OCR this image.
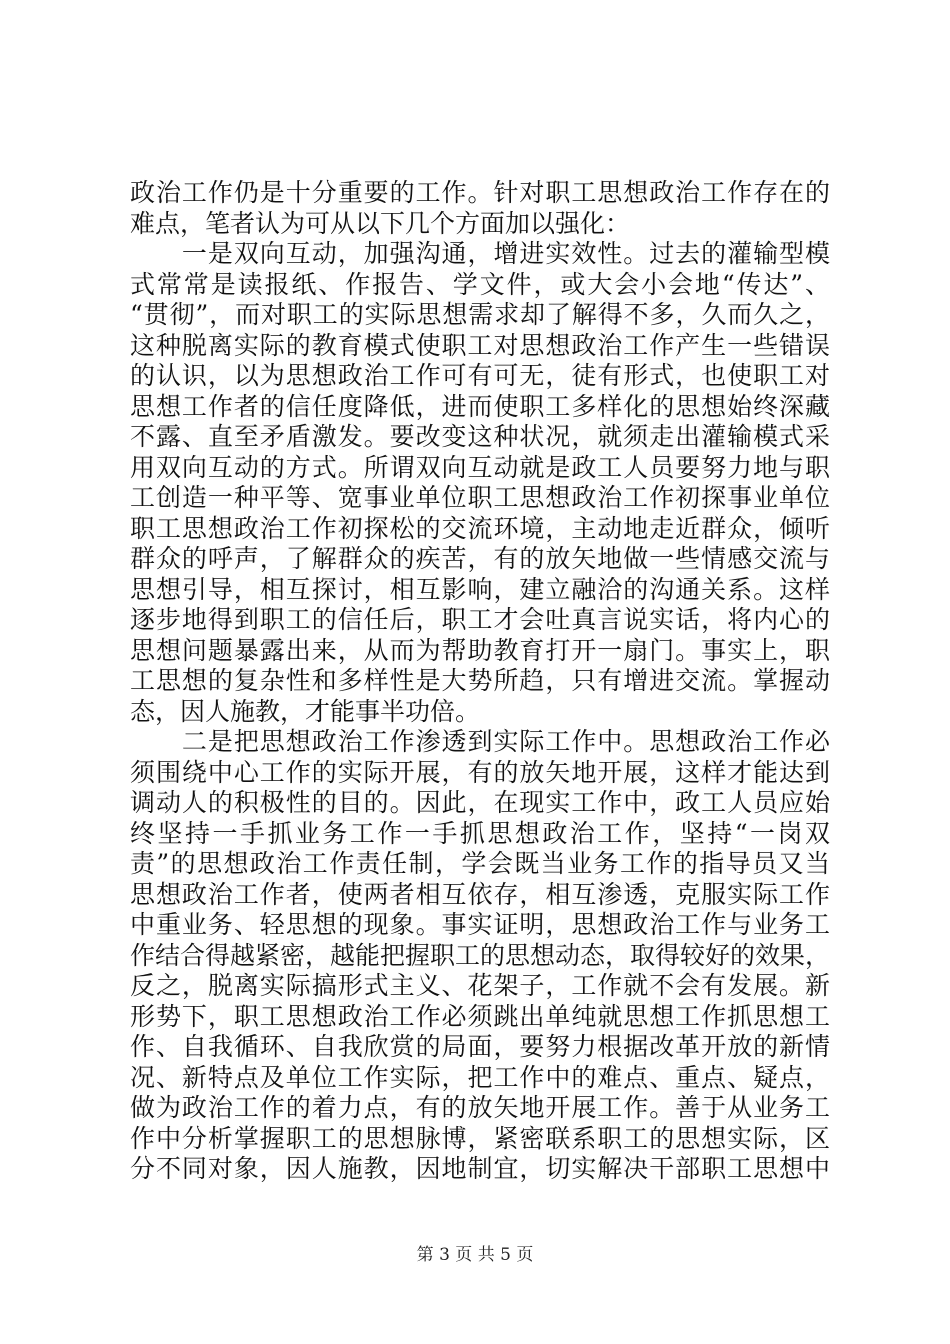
政治工作仍是十分重要的工作。针对职工思想政治工作存在的
难点，笔者认为可从以下几个方面加以强化：
　　一是双向互动，加强沟通，增进实效性。过去的灌输型模
式常常是读报纸、作报告、学文件，或大会小会地“传达”、
“贯彻”，而对职工的实际思想需求却了解得不多，久而久之，
这种脱离实际的教育模式使职工对思想政治工作产生一些错误
的认识，以为思想政治工作可有可无，徒有形式，也使职工对
思想工作者的信任度降低，进而使职工多样化的思想始终深藏
不露、直至矛盾激发。要改变这种状况，就须走出灌输模式采
用双向互动的方式。所谓双向互动就是政工人员要努力地与职
工创造一种平等、宽事业单位职工思想政治工作初探事业单位
职工思想政治工作初探松的交流环境，主动地走近群众，倾听
群众的呼声，了解群众的疾苦，有的放矢地做一些情感交流与
思想引导，相互探讨，相互影响，建立融洽的沟通关系。这样
逐步地得到职工的信任后，职工才会吐真言说实话，将内心的
思想问题暴露出来，从而为帮助教育打开一扇门。事实上，职
工思想的复杂性和多样性是大势所趋，只有增进交流。掌握动
态，因人施教，才能事半功倍。
　　二是把思想政治工作渗透到实际工作中。思想政治工作必
须围绕中心工作的实际开展，有的放矢地开展，这样才能达到
调动人的积极性的目的。因此，在现实工作中，政工人员应始
终坚持一手抓业务工作一手抓思想政治工作，坚持“一岗双
责”的思想政治工作责任制，学会既当业务工作的指导员又当
思想政治工作者，使两者相互依存，相互渗透，克服实际工作
中重业务、轻思想的现象。事实证明，思想政治工作与业务工
作结合得越紧密，越能把握职工的思想动态，取得较好的效果，
反之，脱离实际搞形式主义、花架子，工作就不会有发展。新
形势下，职工思想政治工作必须跳出单纯就思想工作抓思想工
作、自我循环、自我欣赏的局面，要努力根据改革开放的新情
况、新特点及单位工作实际，把工作中的难点、重点、疑点，
做为政治工作的着力点，有的放矢地开展工作。善于从业务工
作中分析掌握职工的思想脉博，紧密联系职工的思想实际，区
分不同对象，因人施教，因地制宜，切实解决干部职工思想中
第 3 页 共 5 页
